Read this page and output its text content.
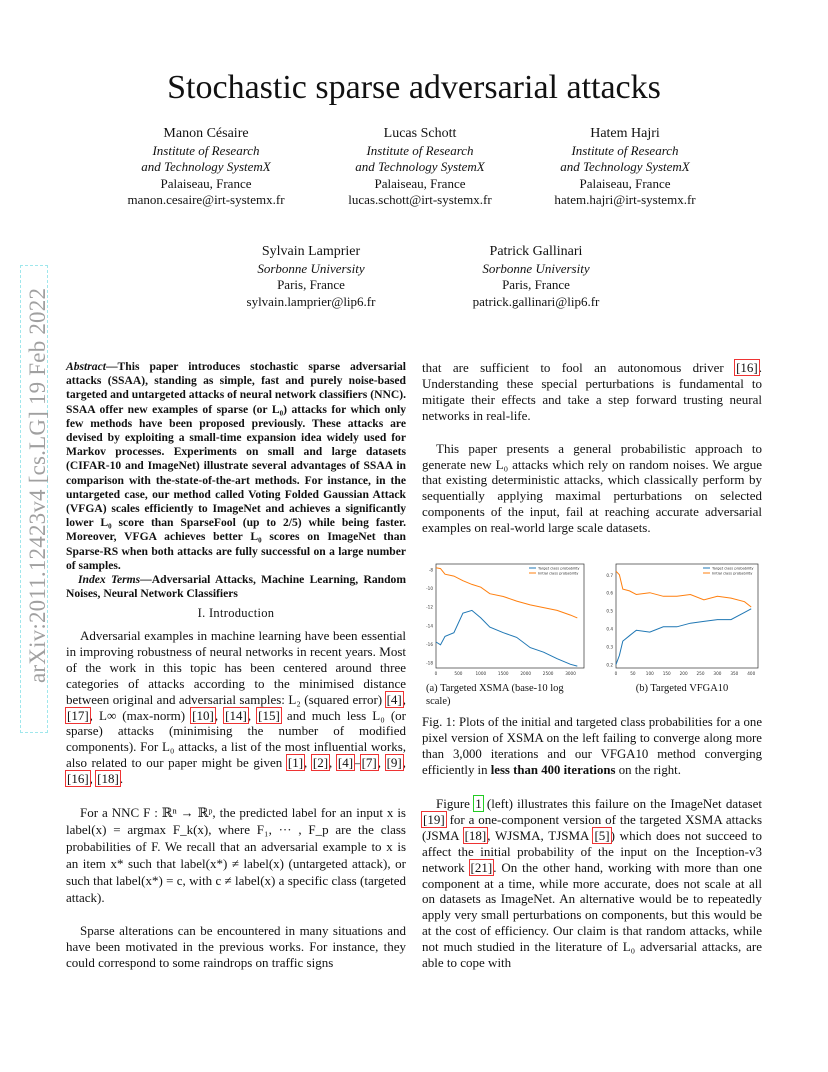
arXiv:2011.12423v4 [cs.LG] 19 Feb 2022
Stochastic sparse adversarial attacks
Manon Césaire
Institute of Research
and Technology SystemX
Palaiseau, France
manon.cesaire@irt-systemx.fr
Lucas Schott
Institute of Research
and Technology SystemX
Palaiseau, France
lucas.schott@irt-systemx.fr
Hatem Hajri
Institute of Research
and Technology SystemX
Palaiseau, France
hatem.hajri@irt-systemx.fr
Sylvain Lamprier
Sorbonne University
Paris, France
sylvain.lamprier@lip6.fr
Patrick Gallinari
Sorbonne University
Paris, France
patrick.gallinari@lip6.fr
Abstract—This paper introduces stochastic sparse adversarial attacks (SSAA), standing as simple, fast and purely noise-based targeted and untargeted attacks of neural network classifiers (NNC). SSAA offer new examples of sparse (or L₀) attacks for which only few methods have been proposed previously. These attacks are devised by exploiting a small-time expansion idea widely used for Markov processes. Experiments on small and large datasets (CIFAR-10 and ImageNet) illustrate several advantages of SSAA in comparison with the-state-of-the-art methods. For instance, in the untargeted case, our method called Voting Folded Gaussian Attack (VFGA) scales efficiently to ImageNet and achieves a significantly lower L₀ score than SparseFool (up to 2/5) while being faster. Moreover, VFGA achieves better L₀ scores on ImageNet than Sparse-RS when both attacks are fully successful on a large number of samples.
Index Terms—Adversarial Attacks, Machine Learning, Random Noises, Neural Network Classifiers
I. Introduction

Adversarial examples in machine learning have been essential in improving robustness of neural networks in recent years. Most of the work in this topic has been centered around three categories of attacks according to the minimised distance between original and adversarial samples: L₂ (squared error) [4], [17], L∞ (max-norm) [10], [14], [15] and much less L₀ (or sparse) attacks (minimising the number of modified components). For L₀ attacks, a list of the most influential works, also related to our paper might be given [1], [2], [4]–[7], [9], [16], [18].

For a NNC F : ℝⁿ → ℝᵖ, the predicted label for an input x is label(x) = argmax F_k(x), where F₁, ··· , F_p are the class probabilities of F. We recall that an adversarial example to x is an item x* such that label(x*) ≠ label(x) (untargeted attack), or such that label(x*) = c, with c ≠ label(x) a specific class (targeted attack).

Sparse alterations can be encountered in many situations and have been motivated in the previous works. For instance, they could correspond to some raindrops on traffic signs

that are sufficient to fool an autonomous driver [16]. Understanding these special perturbations is fundamental to mitigate their effects and take a step forward trusting neural networks in real-life.

This paper presents a general probabilistic approach to generate new L₀ attacks which rely on random noises. We argue that existing deterministic attacks, which classically perform by sequentially applying maximal perturbations on selected components of the input, fail at reaching accurate adversarial examples on real-world large scale datasets.

-8
-10
-12
-14
-16
-18
0	500	1000	1500	2000	2500	3000
Target class probability
Initial class probability	0.7
0.6
0.5
0.4
0.3
0.2
0	50 100 150 200 250 300 350 400
Target class probability
Initial class probability
(a) Targeted XSMA (base-10 log scale)
(b) Targeted VFGA10
Fig. 1: Plots of the initial and targeted class probabilities for a one pixel version of XSMA on the left failing to converge along more than 3,000 iterations and our VFGA10 method converging efficiently in less than 400 iterations on the right.

Figure 1 (left) illustrates this failure on the ImageNet dataset [19] for a one-component version of the targeted XSMA attacks (JSMA [18], WJSMA, TJSMA [5]) which does not succeed to affect the initial probability of the input on the Inception-v3 network [21]. On the other hand, working with more than one component at a time, while more accurate, does not scale at all on datasets as ImageNet. An alternative would be to repeatedly apply very small perturbations on components, but this would be at the cost of efficiency. Our claim is that random attacks, while not much studied in the literature of L₀ adversarial attacks, are able to cope with
